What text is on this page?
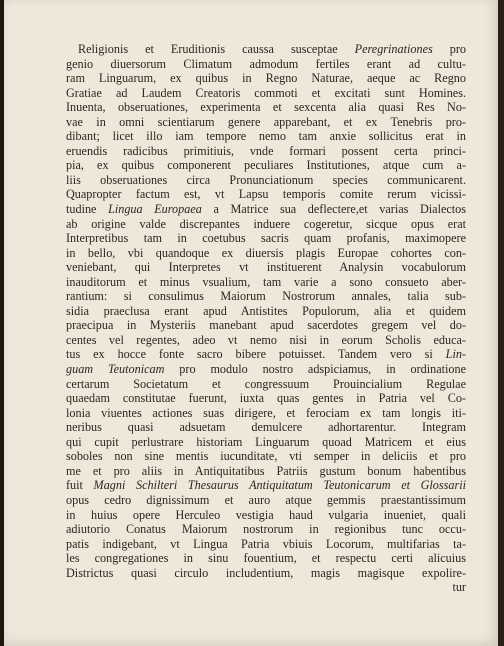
Religionis et Eruditionis caussa susceptae Peregrinationes pro
genio diuersorum Climatum admodum fertiles erant ad cultu-
ram Linguarum, ex quibus in Regno Naturae, aeque ac Regno
Gratiae ad Laudem Creatoris commoti et excitati sunt Homines.
Inuenta, obseruationes, experimenta et sexcenta alia quasi Res No-
vae in omni scientiarum genere apparebant, et ex Tenebris pro-
dibant; licet illo iam tempore nemo tam anxie sollicitus erat in
eruendis radicibus primitiuis, vnde formari possent certa princi-
pia, ex quibus componerent peculiares Institutiones, atque cum a-
liis obseruationes circa Pronunciationum species communicarent.
Quapropter factum est, vt Lapsu temporis comite rerum vicissi-
tudine Lingua Europaea a Matrice sua deflectere,et varias Dialectos
ab origine valde discrepantes induere cogeretur, sicque opus erat
Interpretibus tam in coetubus sacris quam profanis, maximopere
in bello, vbi quandoque ex diuersis plagis Europae cohortes con-
veniebant, qui Interpretes vt instituerent Analysin vocabulorum
inauditorum et minus vsualium, tam varie a sono consueto aber-
rantium: si consulimus Maiorum Nostrorum annales, talia sub-
sidia praeclusa erant apud Antistites Populorum, alia et quidem
praecipua in Mysteriis manebant apud sacerdotes gregem vel do-
centes vel regentes, adeo vt nemo nisi in eorum Scholis educa-
tus ex hocce fonte sacro bibere potuisset. Tandem vero si Lin-
guam Teutonicam pro modulo nostro adspiciamus, in ordinatione
certarum Societatum et congressuum Prouincialium Regulae
quaedam constitutae fuerunt, iuxta quas gentes in Patria vel Co-
lonia viuentes actiones suas dirigere, et ferociam ex tam longis iti-
neribus quasi adsuetam demulcere adhortarentur. Integram
qui cupit perlustrare historiam Linguarum quoad Matricem et eius
soboles non sine mentis iucunditate, vti semper in deliciis et pro
me et pro aliis in Antiquitatibus Patriis gustum bonum habentibus
fuit Magni Schilteri Thesaurus Antiquitatum Teutonicarum et Glossarii
opus cedro dignissimum et auro atque gemmis praestantissimum
in huius opere Herculeo vestigia haud vulgaria inueniet, quali
adiutorio Conatus Maiorum nostrorum in regionibus tunc occu-
patis indigebant, vt Lingua Patria vbiuis Locorum, multifarias ta-
les congregationes in sinu fouentium, et respectu certi alicuius
Districtus quasi circulo includentium, magis magisque expolire-
tur
